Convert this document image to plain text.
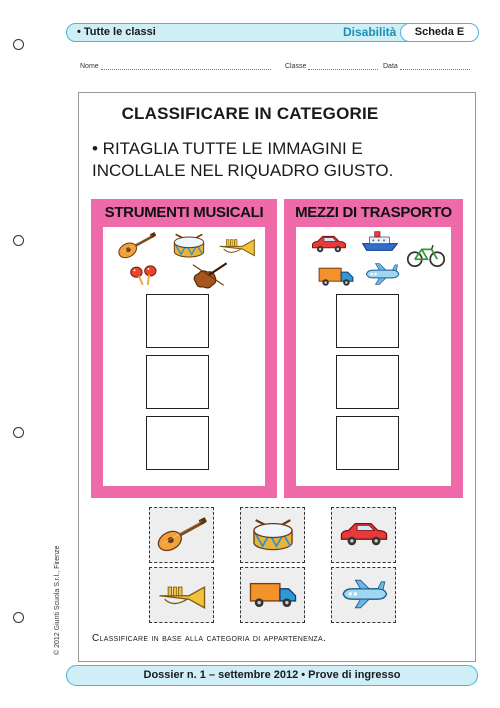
• Tutte le classi	Disabilità	Scheda E
Nome	Classe	Data
CLASSIFICARE IN CATEGORIE
• RITAGLIA TUTTE LE IMMAGINI E
INCOLLALE NEL RIQUADRO GIUSTO.
STRUMENTI MUSICALI	MEZZI DI TRASPORTO
Classificare in base alla categoria di appartenenza.
© 2012 Giunti Scuola S.r.l., Firenze
Dossier n. 1 – settembre 2012 • Prove di ingresso
